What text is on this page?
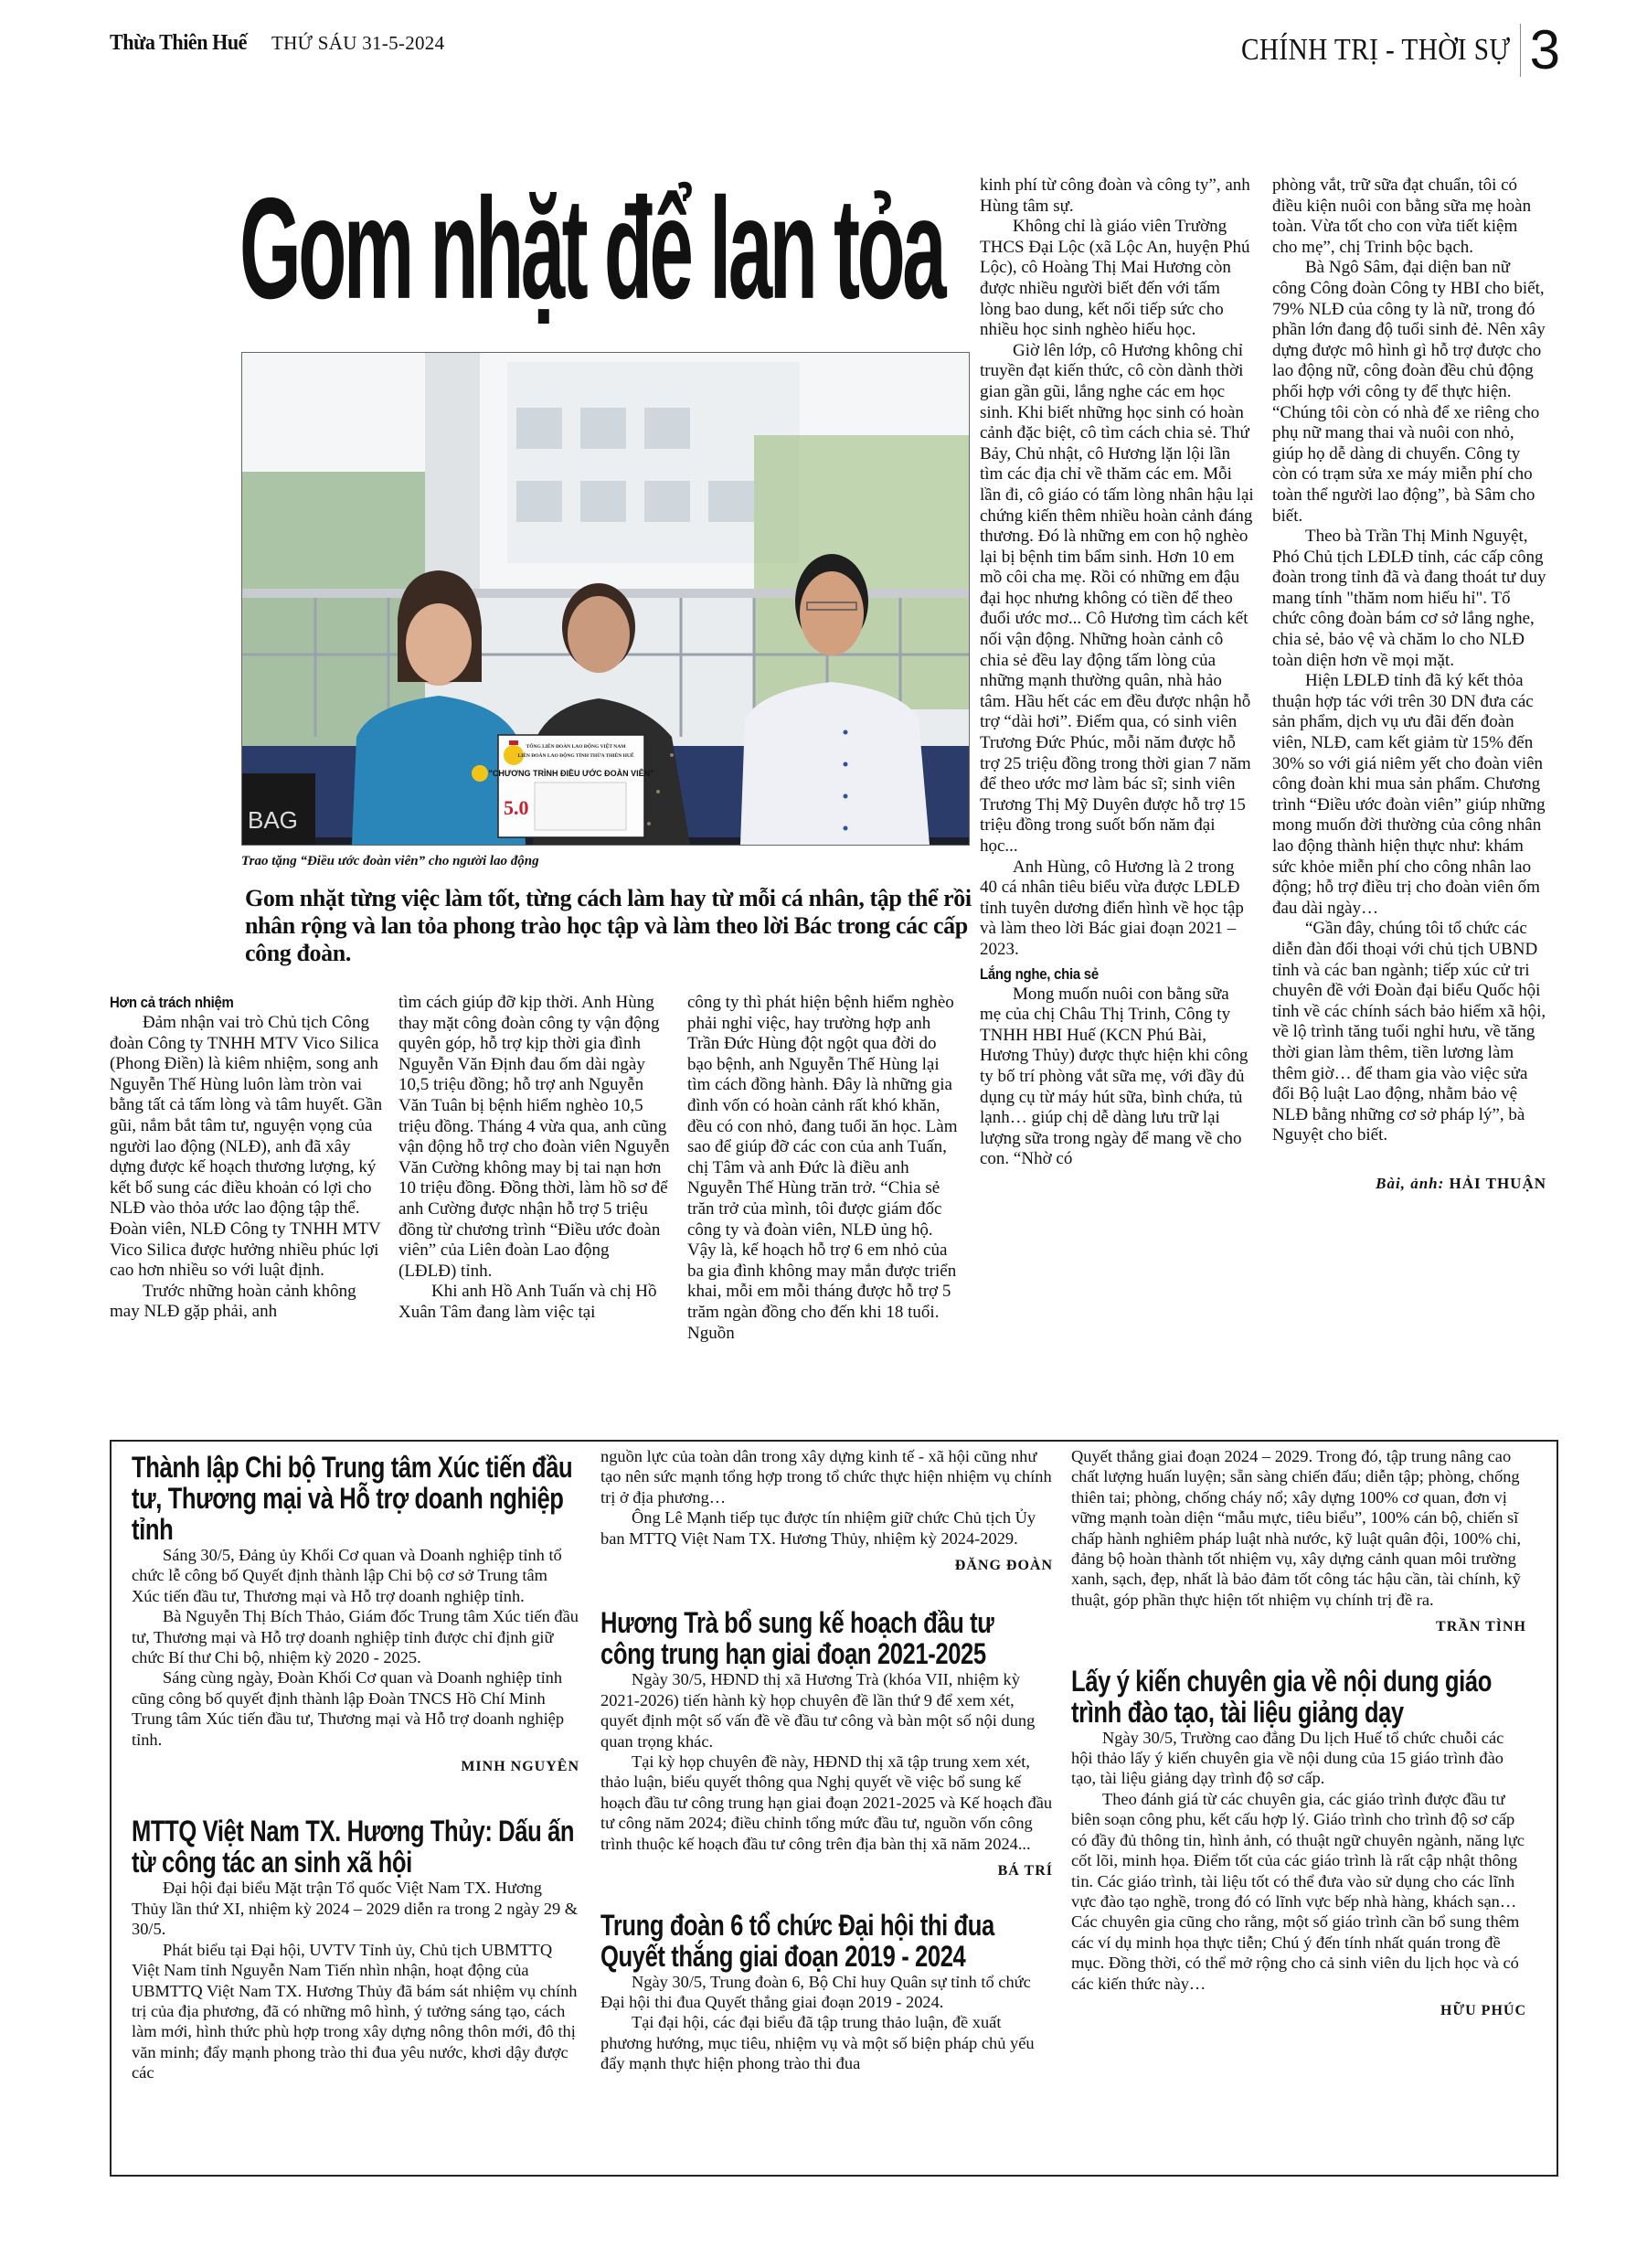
Thừa Thiên Huế THỨ SÁU 31-5-2024	CHÍNH TRỊ - THỜI SỰ 3
Gom nhặt để lan tỏa
BAG
TỔNG LIÊN ĐOÀN LAO ĐỘNG VIỆT NAM
LIÊN ĐOÀN LAO ĐỘNG TỈNH THỪA THIÊN HUẾ
"CHƯƠNG TRÌNH ĐIỀU ƯỚC ĐOÀN VIÊN"
5.0
Trao tặng “Điều ước đoàn viên” cho người lao động
Gom nhặt từng việc làm tốt, từng cách làm hay từ mỗi cá nhân, tập thể rồi nhân rộng và lan tỏa phong trào học tập và làm theo lời Bác trong các cấp công đoàn.
Hơn cả trách nhiệm

Đảm nhận vai trò Chủ tịch Công đoàn Công ty TNHH MTV Vico Silica (Phong Điền) là kiêm nhiệm, song anh Nguyễn Thế Hùng luôn làm tròn vai bằng tất cả tấm lòng và tâm huyết. Gần gũi, nắm bắt tâm tư, nguyện vọng của người lao động (NLĐ), anh đã xây dựng được kế hoạch thương lượng, ký kết bổ sung các điều khoản có lợi cho NLĐ vào thỏa ước lao động tập thể. Đoàn viên, NLĐ Công ty TNHH MTV Vico Silica được hưởng nhiều phúc lợi cao hơn nhiều so với luật định.

Trước những hoàn cảnh không may NLĐ gặp phải, anh

tìm cách giúp đỡ kịp thời. Anh Hùng thay mặt công đoàn công ty vận động quyên góp, hỗ trợ kịp thời gia đình Nguyễn Văn Định đau ốm dài ngày 10,5 triệu đồng; hỗ trợ anh Nguyễn Văn Tuân bị bệnh hiểm nghèo 10,5 triệu đồng. Tháng 4 vừa qua, anh cũng vận động hỗ trợ cho đoàn viên Nguyễn Văn Cường không may bị tai nạn hơn 10 triệu đồng. Đồng thời, làm hồ sơ để anh Cường được nhận hỗ trợ 5 triệu đồng từ chương trình “Điều ước đoàn viên” của Liên đoàn Lao động (LĐLĐ) tỉnh.

Khi anh Hồ Anh Tuấn và chị Hồ Xuân Tâm đang làm việc tại

công ty thì phát hiện bệnh hiểm nghèo phải nghỉ việc, hay trường hợp anh Trần Đức Hùng đột ngột qua đời do bạo bệnh, anh Nguyễn Thế Hùng lại tìm cách đồng hành. Đây là những gia đình vốn có hoàn cảnh rất khó khăn, đều có con nhỏ, đang tuổi ăn học. Làm sao để giúp đỡ các con của anh Tuấn, chị Tâm và anh Đức là điều anh Nguyễn Thế Hùng trăn trở. “Chia sẻ trăn trở của mình, tôi được giám đốc công ty và đoàn viên, NLĐ ủng hộ. Vậy là, kế hoạch hỗ trợ 6 em nhỏ của ba gia đình không may mắn được triển khai, mỗi em mỗi tháng được hỗ trợ 5 trăm ngàn đồng cho đến khi 18 tuổi. Nguồn

kinh phí từ công đoàn và công ty”, anh Hùng tâm sự.

Không chỉ là giáo viên Trường THCS Đại Lộc (xã Lộc An, huyện Phú Lộc), cô Hoàng Thị Mai Hương còn được nhiều người biết đến với tấm lòng bao dung, kết nối tiếp sức cho nhiều học sinh nghèo hiếu học.

Giờ lên lớp, cô Hương không chỉ truyền đạt kiến thức, cô còn dành thời gian gần gũi, lắng nghe các em học sinh. Khi biết những học sinh có hoàn cảnh đặc biệt, cô tìm cách chia sẻ. Thứ Bảy, Chủ nhật, cô Hương lặn lội lần tìm các địa chỉ về thăm các em. Mỗi lần đi, cô giáo có tấm lòng nhân hậu lại chứng kiến thêm nhiều hoàn cảnh đáng thương. Đó là những em con hộ nghèo lại bị bệnh tim bẩm sinh. Hơn 10 em mồ côi cha mẹ. Rồi có những em đậu đại học nhưng không có tiền để theo đuổi ước mơ... Cô Hương tìm cách kết nối vận động. Những hoàn cảnh cô chia sẻ đều lay động tấm lòng của những mạnh thường quân, nhà hảo tâm. Hầu hết các em đều được nhận hỗ trợ “dài hơi”. Điểm qua, có sinh viên Trương Đức Phúc, mỗi năm được hỗ trợ 25 triệu đồng trong thời gian 7 năm để theo ước mơ làm bác sĩ; sinh viên Trương Thị Mỹ Duyên được hỗ trợ 15 triệu đồng trong suốt bốn năm đại học...

Anh Hùng, cô Hương là 2 trong 40 cá nhân tiêu biểu vừa được LĐLĐ tỉnh tuyên dương điển hình về học tập và làm theo lời Bác giai đoạn 2021 – 2023.

Lắng nghe, chia sẻ

Mong muốn nuôi con bằng sữa mẹ của chị Châu Thị Trinh, Công ty TNHH HBI Huế (KCN Phú Bài, Hương Thủy) được thực hiện khi công ty bố trí phòng vắt sữa mẹ, với đầy đủ dụng cụ từ máy hút sữa, bình chứa, tủ lạnh… giúp chị dễ dàng lưu trữ lại lượng sữa trong ngày để mang về cho con. “Nhờ có

phòng vắt, trữ sữa đạt chuẩn, tôi có điều kiện nuôi con bằng sữa mẹ hoàn toàn. Vừa tốt cho con vừa tiết kiệm cho mẹ”, chị Trinh bộc bạch.

Bà Ngô Sâm, đại diện ban nữ công Công đoàn Công ty HBI cho biết, 79% NLĐ của công ty là nữ, trong đó phần lớn đang độ tuổi sinh đẻ. Nên xây dựng được mô hình gì hỗ trợ được cho lao động nữ, công đoàn đều chủ động phối hợp với công ty để thực hiện. “Chúng tôi còn có nhà để xe riêng cho phụ nữ mang thai và nuôi con nhỏ, giúp họ dễ dàng di chuyển. Công ty còn có trạm sửa xe máy miễn phí cho toàn thể người lao động”, bà Sâm cho biết.

Theo bà Trần Thị Minh Nguyệt, Phó Chủ tịch LĐLĐ tỉnh, các cấp công đoàn trong tỉnh đã và đang thoát tư duy mang tính "thăm nom hiếu hỉ". Tổ chức công đoàn bám cơ sở lắng nghe, chia sẻ, bảo vệ và chăm lo cho NLĐ toàn diện hơn về mọi mặt.

Hiện LĐLĐ tỉnh đã ký kết thỏa thuận hợp tác với trên 30 DN đưa các sản phẩm, dịch vụ ưu đãi đến đoàn viên, NLĐ, cam kết giảm từ 15% đến 30% so với giá niêm yết cho đoàn viên công đoàn khi mua sản phẩm. Chương trình “Điều ước đoàn viên” giúp những mong muốn đời thường của công nhân lao động thành hiện thực như: khám sức khỏe miễn phí cho công nhân lao động; hỗ trợ điều trị cho đoàn viên ốm đau dài ngày…

“Gần đây, chúng tôi tổ chức các diễn đàn đối thoại với chủ tịch UBND tỉnh và các ban ngành; tiếp xúc cử tri chuyên đề với Đoàn đại biểu Quốc hội tỉnh về các chính sách bảo hiểm xã hội, về lộ trình tăng tuổi nghỉ hưu, về tăng thời gian làm thêm, tiền lương làm thêm giờ… để tham gia vào việc sửa đổi Bộ luật Lao động, nhằm bảo vệ NLĐ bằng những cơ sở pháp lý”, bà Nguyệt cho biết.

Bài, ảnh: HẢI THUẬN
Thành lập Chi bộ Trung tâm Xúc tiến đầu tư, Thương mại và Hỗ trợ doanh nghiệp tỉnh

Sáng 30/5, Đảng ủy Khối Cơ quan và Doanh nghiệp tỉnh tổ chức lễ công bố Quyết định thành lập Chi bộ cơ sở Trung tâm Xúc tiến đầu tư, Thương mại và Hỗ trợ doanh nghiệp tỉnh.

Bà Nguyễn Thị Bích Thảo, Giám đốc Trung tâm Xúc tiến đầu tư, Thương mại và Hỗ trợ doanh nghiệp tỉnh được chỉ định giữ chức Bí thư Chi bộ, nhiệm kỳ 2020 - 2025.

Sáng cùng ngày, Đoàn Khối Cơ quan và Doanh nghiệp tỉnh cũng công bố quyết định thành lập Đoàn TNCS Hồ Chí Minh Trung tâm Xúc tiến đầu tư, Thương mại và Hỗ trợ doanh nghiệp tỉnh.

MINH NGUYÊN
MTTQ Việt Nam TX. Hương Thủy: Dấu ấn từ công tác an sinh xã hội

Đại hội đại biểu Mặt trận Tổ quốc Việt Nam TX. Hương Thủy lần thứ XI, nhiệm kỳ 2024 – 2029 diễn ra trong 2 ngày 29 & 30/5.

Phát biểu tại Đại hội, UVTV Tỉnh ủy, Chủ tịch UBMTTQ Việt Nam tỉnh Nguyễn Nam Tiến nhìn nhận, hoạt động của UBMTTQ Việt Nam TX. Hương Thủy đã bám sát nhiệm vụ chính trị của địa phương, đã có những mô hình, ý tưởng sáng tạo, cách làm mới, hình thức phù hợp trong xây dựng nông thôn mới, đô thị văn minh; đẩy mạnh phong trào thi đua yêu nước, khơi dậy được các

nguồn lực của toàn dân trong xây dựng kinh tế - xã hội cũng như tạo nên sức mạnh tổng hợp trong tổ chức thực hiện nhiệm vụ chính trị ở địa phương…

Ông Lê Mạnh tiếp tục được tín nhiệm giữ chức Chủ tịch Ủy ban MTTQ Việt Nam TX. Hương Thủy, nhiệm kỳ 2024-2029.

ĐĂNG ĐOÀN
Hương Trà bổ sung kế hoạch đầu tư công trung hạn giai đoạn 2021-2025

Ngày 30/5, HĐND thị xã Hương Trà (khóa VII, nhiệm kỳ 2021-2026) tiến hành kỳ họp chuyên đề lần thứ 9 để xem xét, quyết định một số vấn đề về đầu tư công và bàn một số nội dung quan trọng khác.

Tại kỳ họp chuyên đề này, HĐND thị xã tập trung xem xét, thảo luận, biểu quyết thông qua Nghị quyết về việc bổ sung kế hoạch đầu tư công trung hạn giai đoạn 2021-2025 và Kế hoạch đầu tư công năm 2024; điều chỉnh tổng mức đầu tư, nguồn vốn công trình thuộc kế hoạch đầu tư công trên địa bàn thị xã năm 2024...

BÁ TRÍ
Trung đoàn 6 tổ chức Đại hội thi đua Quyết thắng giai đoạn 2019 - 2024

Ngày 30/5, Trung đoàn 6, Bộ Chỉ huy Quân sự tỉnh tổ chức Đại hội thi đua Quyết thắng giai đoạn 2019 - 2024.

Tại đại hội, các đại biểu đã tập trung thảo luận, đề xuất phương hướng, mục tiêu, nhiệm vụ và một số biện pháp chủ yếu đẩy mạnh thực hiện phong trào thi đua

Quyết thắng giai đoạn 2024 – 2029. Trong đó, tập trung nâng cao chất lượng huấn luyện; sẵn sàng chiến đấu; diễn tập; phòng, chống thiên tai; phòng, chống cháy nổ; xây dựng 100% cơ quan, đơn vị vững mạnh toàn diện “mẫu mực, tiêu biểu”, 100% cán bộ, chiến sĩ chấp hành nghiêm pháp luật nhà nước, kỹ luật quân đội, 100% chi, đảng bộ hoàn thành tốt nhiệm vụ, xây dựng cảnh quan môi trường xanh, sạch, đẹp, nhất là bảo đảm tốt công tác hậu cần, tài chính, kỹ thuật, góp phần thực hiện tốt nhiệm vụ chính trị đề ra.

TRẦN TÌNH
Lấy ý kiến chuyên gia về nội dung giáo trình đào tạo, tài liệu giảng dạy

Ngày 30/5, Trường cao đẳng Du lịch Huế tổ chức chuỗi các hội thảo lấy ý kiến chuyên gia về nội dung của 15 giáo trình đào tạo, tài liệu giảng dạy trình độ sơ cấp.

Theo đánh giá từ các chuyên gia, các giáo trình được đầu tư biên soạn công phu, kết cấu hợp lý. Giáo trình cho trình độ sơ cấp có đầy đủ thông tin, hình ảnh, có thuật ngữ chuyên ngành, năng lực cốt lõi, minh họa. Điểm tốt của các giáo trình là rất cập nhật thông tin. Các giáo trình, tài liệu tốt có thể đưa vào sử dụng cho các lĩnh vực đào tạo nghề, trong đó có lĩnh vực bếp nhà hàng, khách sạn… Các chuyên gia cũng cho rằng, một số giáo trình cần bổ sung thêm các ví dụ minh họa thực tiễn; Chú ý đến tính nhất quán trong đề mục. Đồng thời, có thể mở rộng cho cả sinh viên du lịch học và có các kiến thức này…

HỮU PHÚC
